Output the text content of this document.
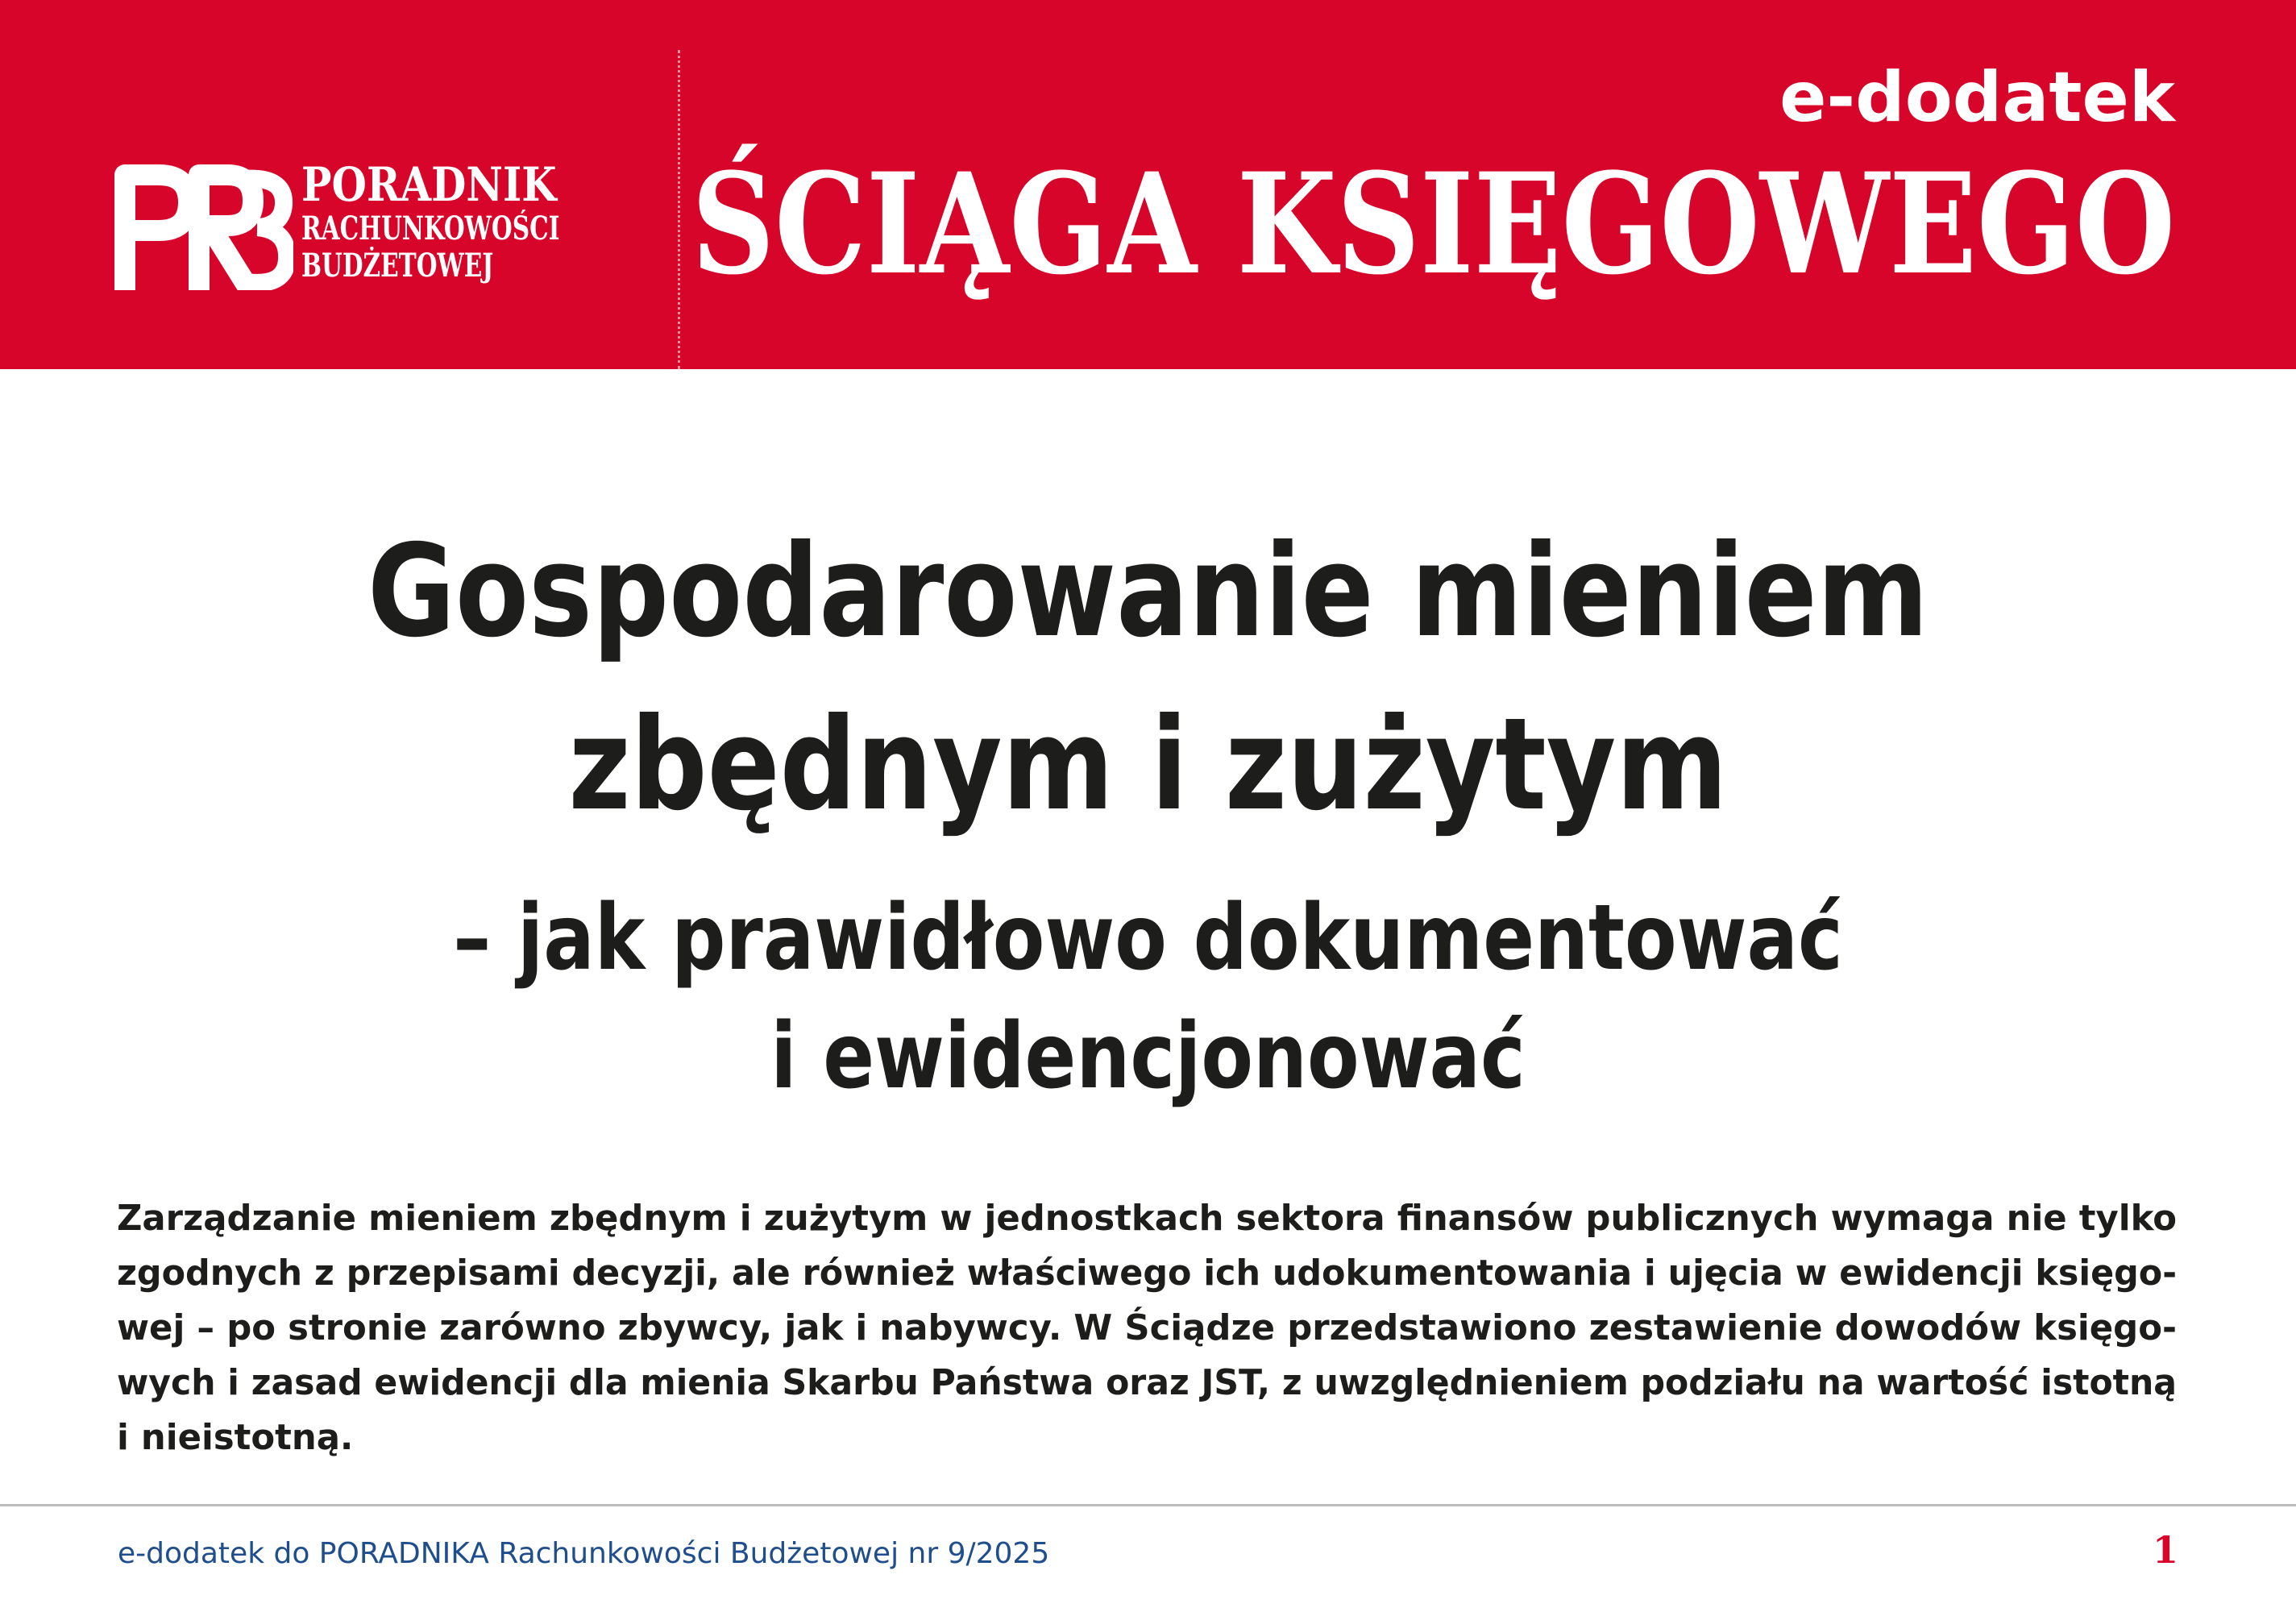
PORADNIK
RACHUNKOWOŚCI
BUDŻETOWEJ
e-dodatek
ŚCIĄGA KSIĘGOWEGO
Gospodarowanie mieniem
zbędnym i zużytym
– jak prawidłowo dokumentować
i ewidencjonować
Zarządzanie mieniem zbędnym i zużytym w jednostkach sektora finansów publicznych wymaga nie tylko
zgodnych z przepisami decyzji, ale również właściwego ich udokumentowania i ujęcia w ewidencji księgo-
wej – po stronie zarówno zbywcy, jak i nabywcy. W Ściądze przedstawiono zestawienie dowodów księgo-
wych i zasad ewidencji dla mienia Skarbu Państwa oraz JST, z uwzględnieniem podziału na wartość istotną
i nieistotną.
e-dodatek do PORADNIKA Rachunkowości Budżetowej nr 9/2025	1
